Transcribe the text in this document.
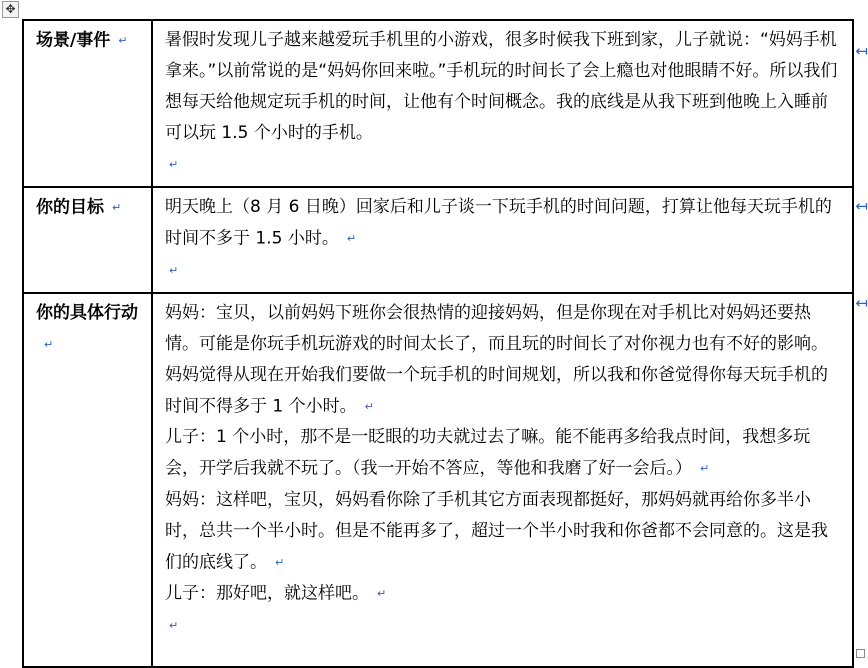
✥
场景/事件 ↵	暑假时发现儿子越来越爱玩手机里的小游戏，很多时候我下班到家，儿子就说：“妈妈手机拿来。”以前常说的是“妈妈你回来啦。”手机玩的时间长了会上瘾也对他眼睛不好。所以我们想每天给他规定玩手机的时间，让他有个时间概念。我的底线是从我下班到他晚上入睡前可以玩 1.5 个小时的手机。
↵

你的目标 ↵	明天晚上（8 月 6 日晚）回家后和儿子谈一下玩手机的时间问题，打算让他每天玩手机的时间不多于 1.5 小时。 ↵
↵

你的具体行动↵	妈妈：宝贝，以前妈妈下班你会很热情的迎接妈妈，但是你现在对手机比对妈妈还要热情。可能是你玩手机玩游戏的时间太长了，而且玩的时间长了对你视力也有不好的影响。妈妈觉得从现在开始我们要做一个玩手机的时间规划，所以我和你爸觉得你每天玩手机的时间不得多于 1 个小时。 ↵
儿子：1 个小时，那不是一眨眼的功夫就过去了嘛。能不能再多给我点时间，我想多玩会，开学后我就不玩了。（我一开始不答应，等他和我磨了好一会后。） ↵
妈妈：这样吧，宝贝，妈妈看你除了手机其它方面表现都挺好，那妈妈就再给你多半小时，总共一个半小时。但是不能再多了，超过一个半小时我和你爸都不会同意的。这是我们的底线了。 ↵
儿子：那好吧，就这样吧。 ↵
↵
↤
↤
↤
